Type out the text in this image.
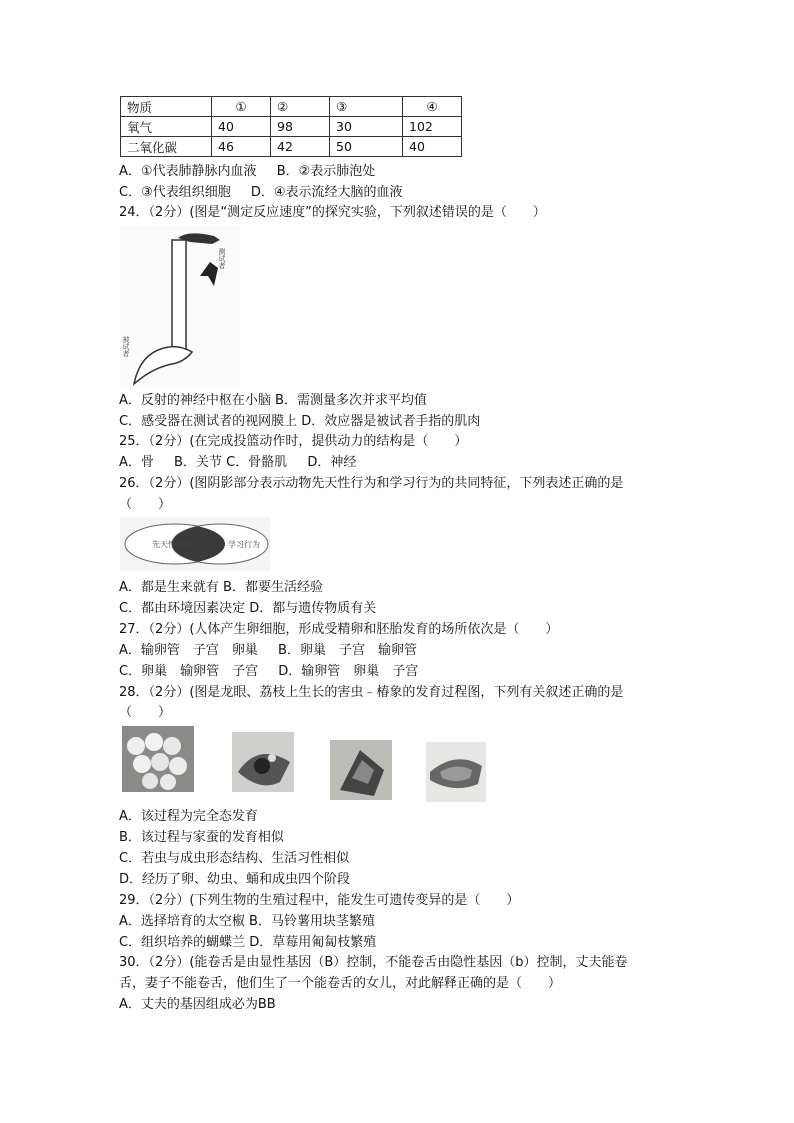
物质	①	②	③	④
氧气	40	98	30	102
二氧化碳	46	42	50	40
A．①代表肺静脉内血液 B．②表示肺泡处
C．③代表组织细胞 D．④表示流经大脑的血液
24．（2分）(图是“测定反应速度”的探究实验，下列叙述错误的是（　　）
测试者
被试者
A．反射的神经中枢在小脑 B．需测量多次并求平均值
C．感受器在测试者的视网膜上 D．效应器是被试者手指的肌肉
25．（2分）(在完成投篮动作时，提供动力的结构是（　　）
A．骨 B．关节 C．骨骼肌 D．神经
26．（2分）(图阴影部分表示动物先天性行为和学习行为的共同特征，下列表述正确的是
（　　）
先天性行为	学习行为
A．都是生来就有 B．都要生活经验
C．都由环境因素决定 D．都与遗传物质有关
27．（2分）(人体产生卵细胞，形成受精卵和胚胎发育的场所依次是（　　）
A．输卵管　子宫　卵巢 B．卵巢　子宫　输卵管
C．卵巢　输卵管　子宫 D．输卵管　卵巢　子宫
28．（2分）(图是龙眼、荔枝上生长的害虫﹣椿象的发育过程图，下列有关叙述正确的是
（　　）
A．该过程为完全态发育
B．该过程与家蚕的发育相似
C．若虫与成虫形态结构、生活习性相似
D．经历了卵、幼虫、蛹和成虫四个阶段
29．（2分）(下列生物的生殖过程中，能发生可遗传变异的是（　　）
A．选择培育的太空椒 B．马铃薯用块茎繁殖
C．组织培养的蝴蝶兰 D．草莓用匍匐枝繁殖
30．（2分）(能卷舌是由显性基因（B）控制，不能卷舌由隐性基因（b）控制，丈夫能卷
舌，妻子不能卷舌，他们生了一个能卷舌的女儿，对此解释正确的是（　　）
A．丈夫的基因组成必为BB
